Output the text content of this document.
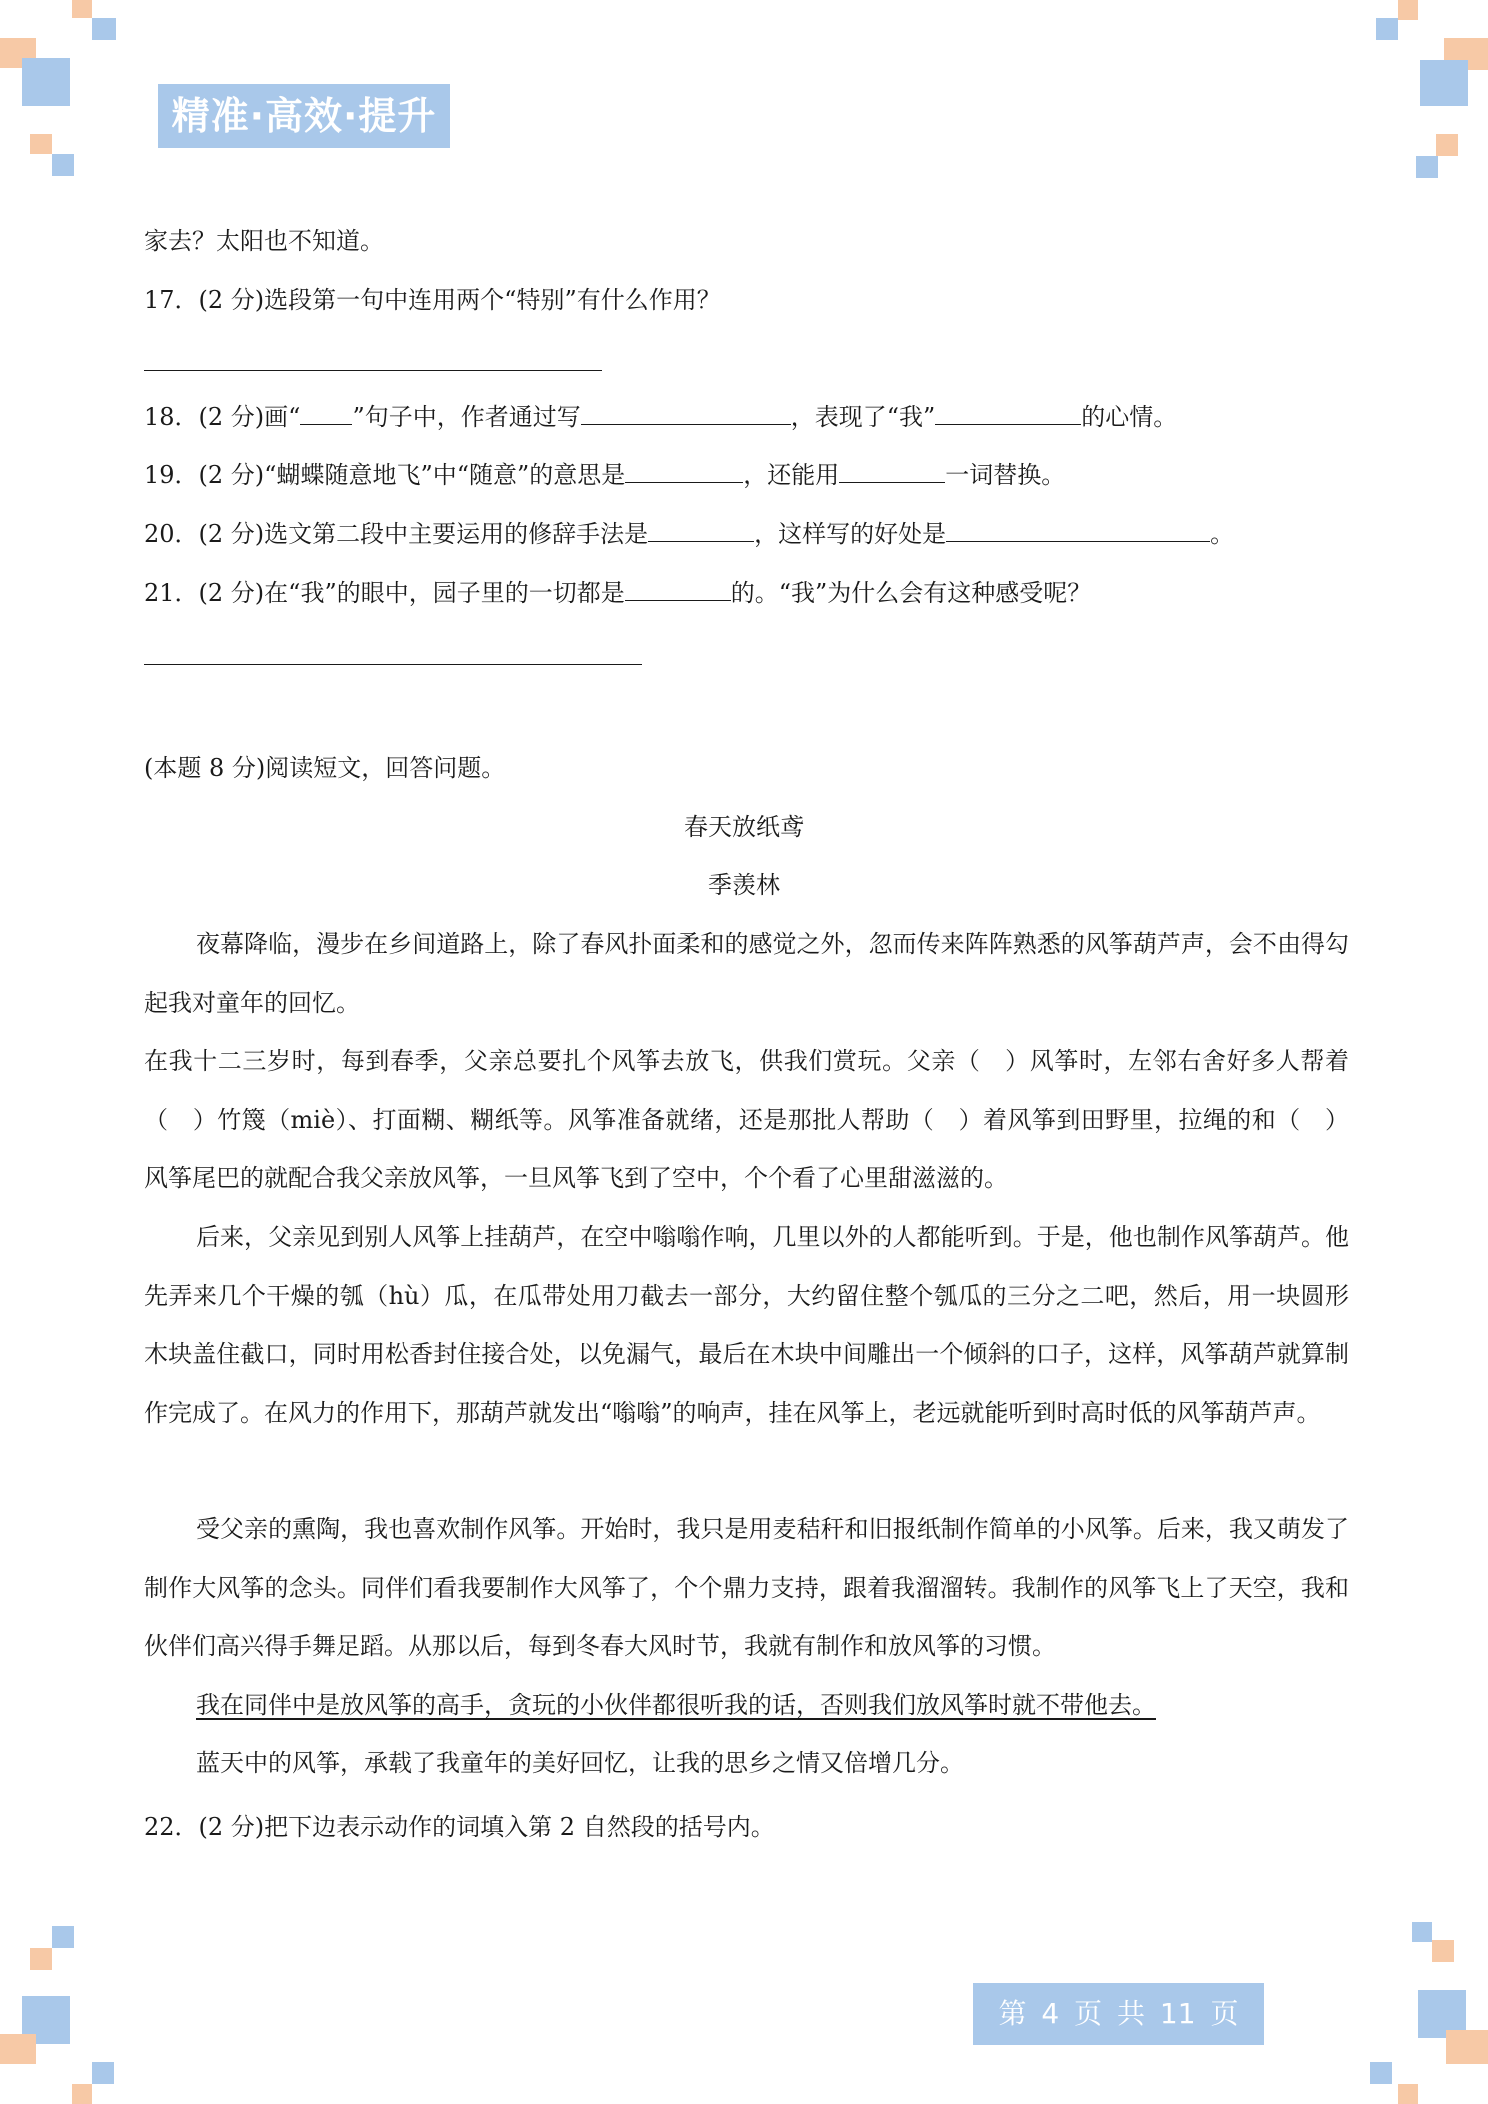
精准·高效·提升
家去？太阳也不知道。
17．(2 分)选段第一句中连用两个“特别”有什么作用？
18．(2 分)画“ ”句子中，作者通过写	，表现了“我”	的心情。
19．(2 分)“蝴蝶随意地飞”中“随意”的意思是	，还能用	一词替换。
20．(2 分)选文第二段中主要运用的修辞手法是	，这样写的好处是	。
21．(2 分)在“我”的眼中，园子里的一切都是	的。“我”为什么会有这种感受呢？
(本题 8 分)阅读短文，回答问题。
春天放纸鸢
季羡林
夜幕降临，漫步在乡间道路上，除了春风扑面柔和的感觉之外，忽而传来阵阵熟悉的风筝葫芦声，会不由得勾起我对童年的回忆。
在我十二三岁时，每到春季，父亲总要扎个风筝去放飞，供我们赏玩。父亲（　）风筝时，左邻右舍好多人帮着（　）竹篾（miè）、打面糊、糊纸等。风筝准备就绪，还是那批人帮助（　）着风筝到田野里，拉绳的和（　）风筝尾巴的就配合我父亲放风筝，一旦风筝飞到了空中，个个看了心里甜滋滋的。
后来，父亲见到别人风筝上挂葫芦，在空中嗡嗡作响，几里以外的人都能听到。于是，他也制作风筝葫芦。他先弄来几个干燥的瓠（hù）瓜，在瓜带处用刀截去一部分，大约留住整个瓠瓜的三分之二吧，然后，用一块圆形木块盖住截口，同时用松香封住接合处，以免漏气，最后在木块中间雕出一个倾斜的口子，这样，风筝葫芦就算制作完成了。在风力的作用下，那葫芦就发出“嗡嗡”的响声，挂在风筝上，老远就能听到时高时低的风筝葫芦声。
受父亲的熏陶，我也喜欢制作风筝。开始时，我只是用麦秸秆和旧报纸制作简单的小风筝。后来，我又萌发了制作大风筝的念头。同伴们看我要制作大风筝了，个个鼎力支持，跟着我溜溜转。我制作的风筝飞上了天空，我和伙伴们高兴得手舞足蹈。从那以后，每到冬春大风时节，我就有制作和放风筝的习惯。
我在同伴中是放风筝的高手，贪玩的小伙伴都很听我的话，否则我们放风筝时就不带他去。
蓝天中的风筝，承载了我童年的美好回忆，让我的思乡之情又倍增几分。
22．(2 分)把下边表示动作的词填入第 2 自然段的括号内。
第 4 页 共 11 页
